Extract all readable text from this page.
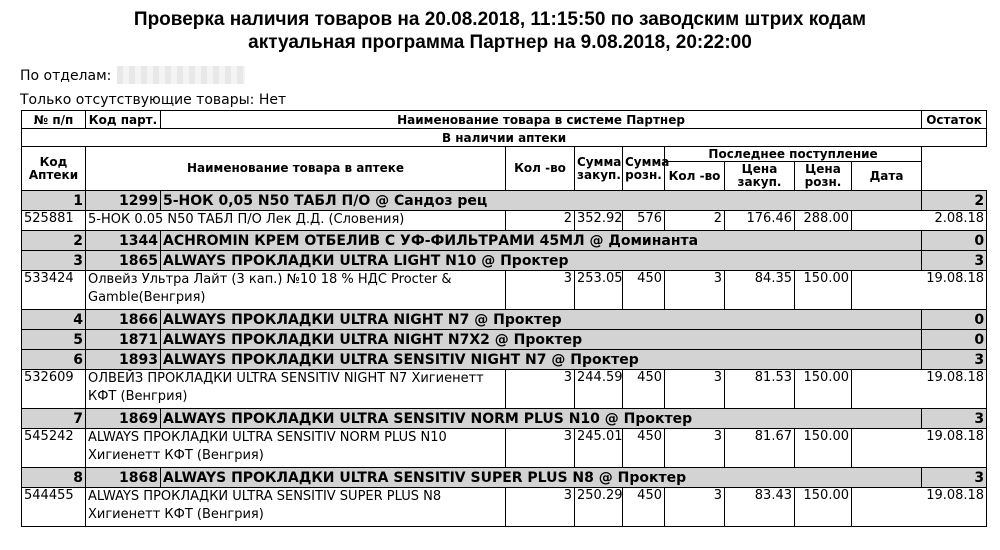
Проверка наличия товаров на 20.08.2018, 11:15:50 по заводским штрих кодам
актуальная программа Партнер на 9.08.2018, 20:22:00
По отделам:
Только отсутствующие товары: Нет
№ п/п	Код парт.	Наименование товара в системе Партнер								Остаток
В наличии аптеки										
Код Аптеки	Наименование товара в аптеке		Кол -во	Сумма закуп.	Сумма розн.	Последнее поступление				
						Кол -во	Цена закуп.	Цена розн.	Дата	
1	1299	5-НОК 0,05 N50 ТАБЛ П/О @ Сандоз рец								2
525881	5-НОК 0.05 N50 ТАБЛ П/О Лек Д.Д. (Словения)		2	352.92	576	2	176.46	288.00	2.08.18	
2	1344	ACHROMIN КРЕМ ОТБЕЛИВ С УФ-ФИЛЬТРАМИ 45МЛ @ Доминанта								0
3	1865	ALWAYS ПРОКЛАДКИ ULTRA LIGHT N10 @ Проктер								3
533424	Олвейз Ультра Лайт (3 кап.) №10 18 % НДС Procter & Gamble(Венгрия)		3	253.05	450	3	84.35	150.00	19.08.18	
4	1866	ALWAYS ПРОКЛАДКИ ULTRA NIGHT N7 @ Проктер								0
5	1871	ALWAYS ПРОКЛАДКИ ULTRA NIGHT N7X2 @ Проктер								0
6	1893	ALWAYS ПРОКЛАДКИ ULTRA SENSITIV NIGHT N7 @ Проктер								3
532609	ОЛВЕЙЗ ПРОКЛАДКИ ULTRA SENSITIV NIGHT N7 Хигиенетт КФТ (Венгрия)		3	244.59	450	3	81.53	150.00	19.08.18	
7	1869	ALWAYS ПРОКЛАДКИ ULTRA SENSITIV NORM PLUS N10 @ Проктер								3
545242	ALWAYS ПРОКЛАДКИ ULTRA SENSITIV NORM PLUS N10 Хигиенетт КФТ (Венгрия)		3	245.01	450	3	81.67	150.00	19.08.18	
8	1868	ALWAYS ПРОКЛАДКИ ULTRA SENSITIV SUPER PLUS N8 @ Проктер								3
544455	ALWAYS ПРОКЛАДКИ ULTRA SENSITIV SUPER PLUS N8 Хигиенетт КФТ (Венгрия)		3	250.29	450	3	83.43	150.00	19.08.18	
